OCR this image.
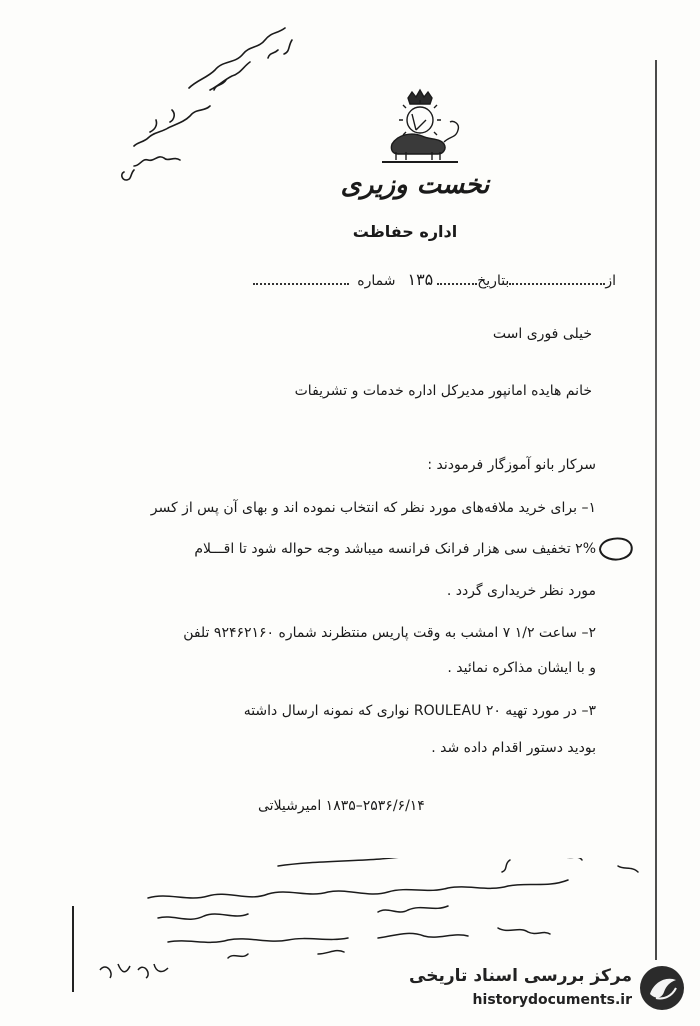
نخست وزیری
اداره حفاظت
از
بتاریخ
۱۳۵
شماره
خیلی فوری است
خانم هایده امانپور مدیرکل اداره خدمات و تشریفات
سرکار بانو آموزگار فرمودند :
۱– برای خرید ملافه‌های مورد نظر که انتخاب نموده اند و بهای آن پس از کسر
۲% تخفیف سی هزار فرانک فرانسه میباشد وجه حواله شود تا اقـــلام
مورد نظر خریداری گردد .
۲– ساعت ۱/۲ ۷ امشب به وقت پاریس منتظرند شماره ۹۲۴۶۲۱۶۰ تلفن
و با ایشان مذاکره نمائید .
۳– در مورد تهیه ۲۰ ROULEAU نواری که نمونه ارسال داشته
بودید دستور اقدام داده شد .
۲۵۳۶/۶/۱۴–۱۸۳۵ امیرشیلاتی
مرکز بررسی اسناد تاریخی
historydocuments.ir
